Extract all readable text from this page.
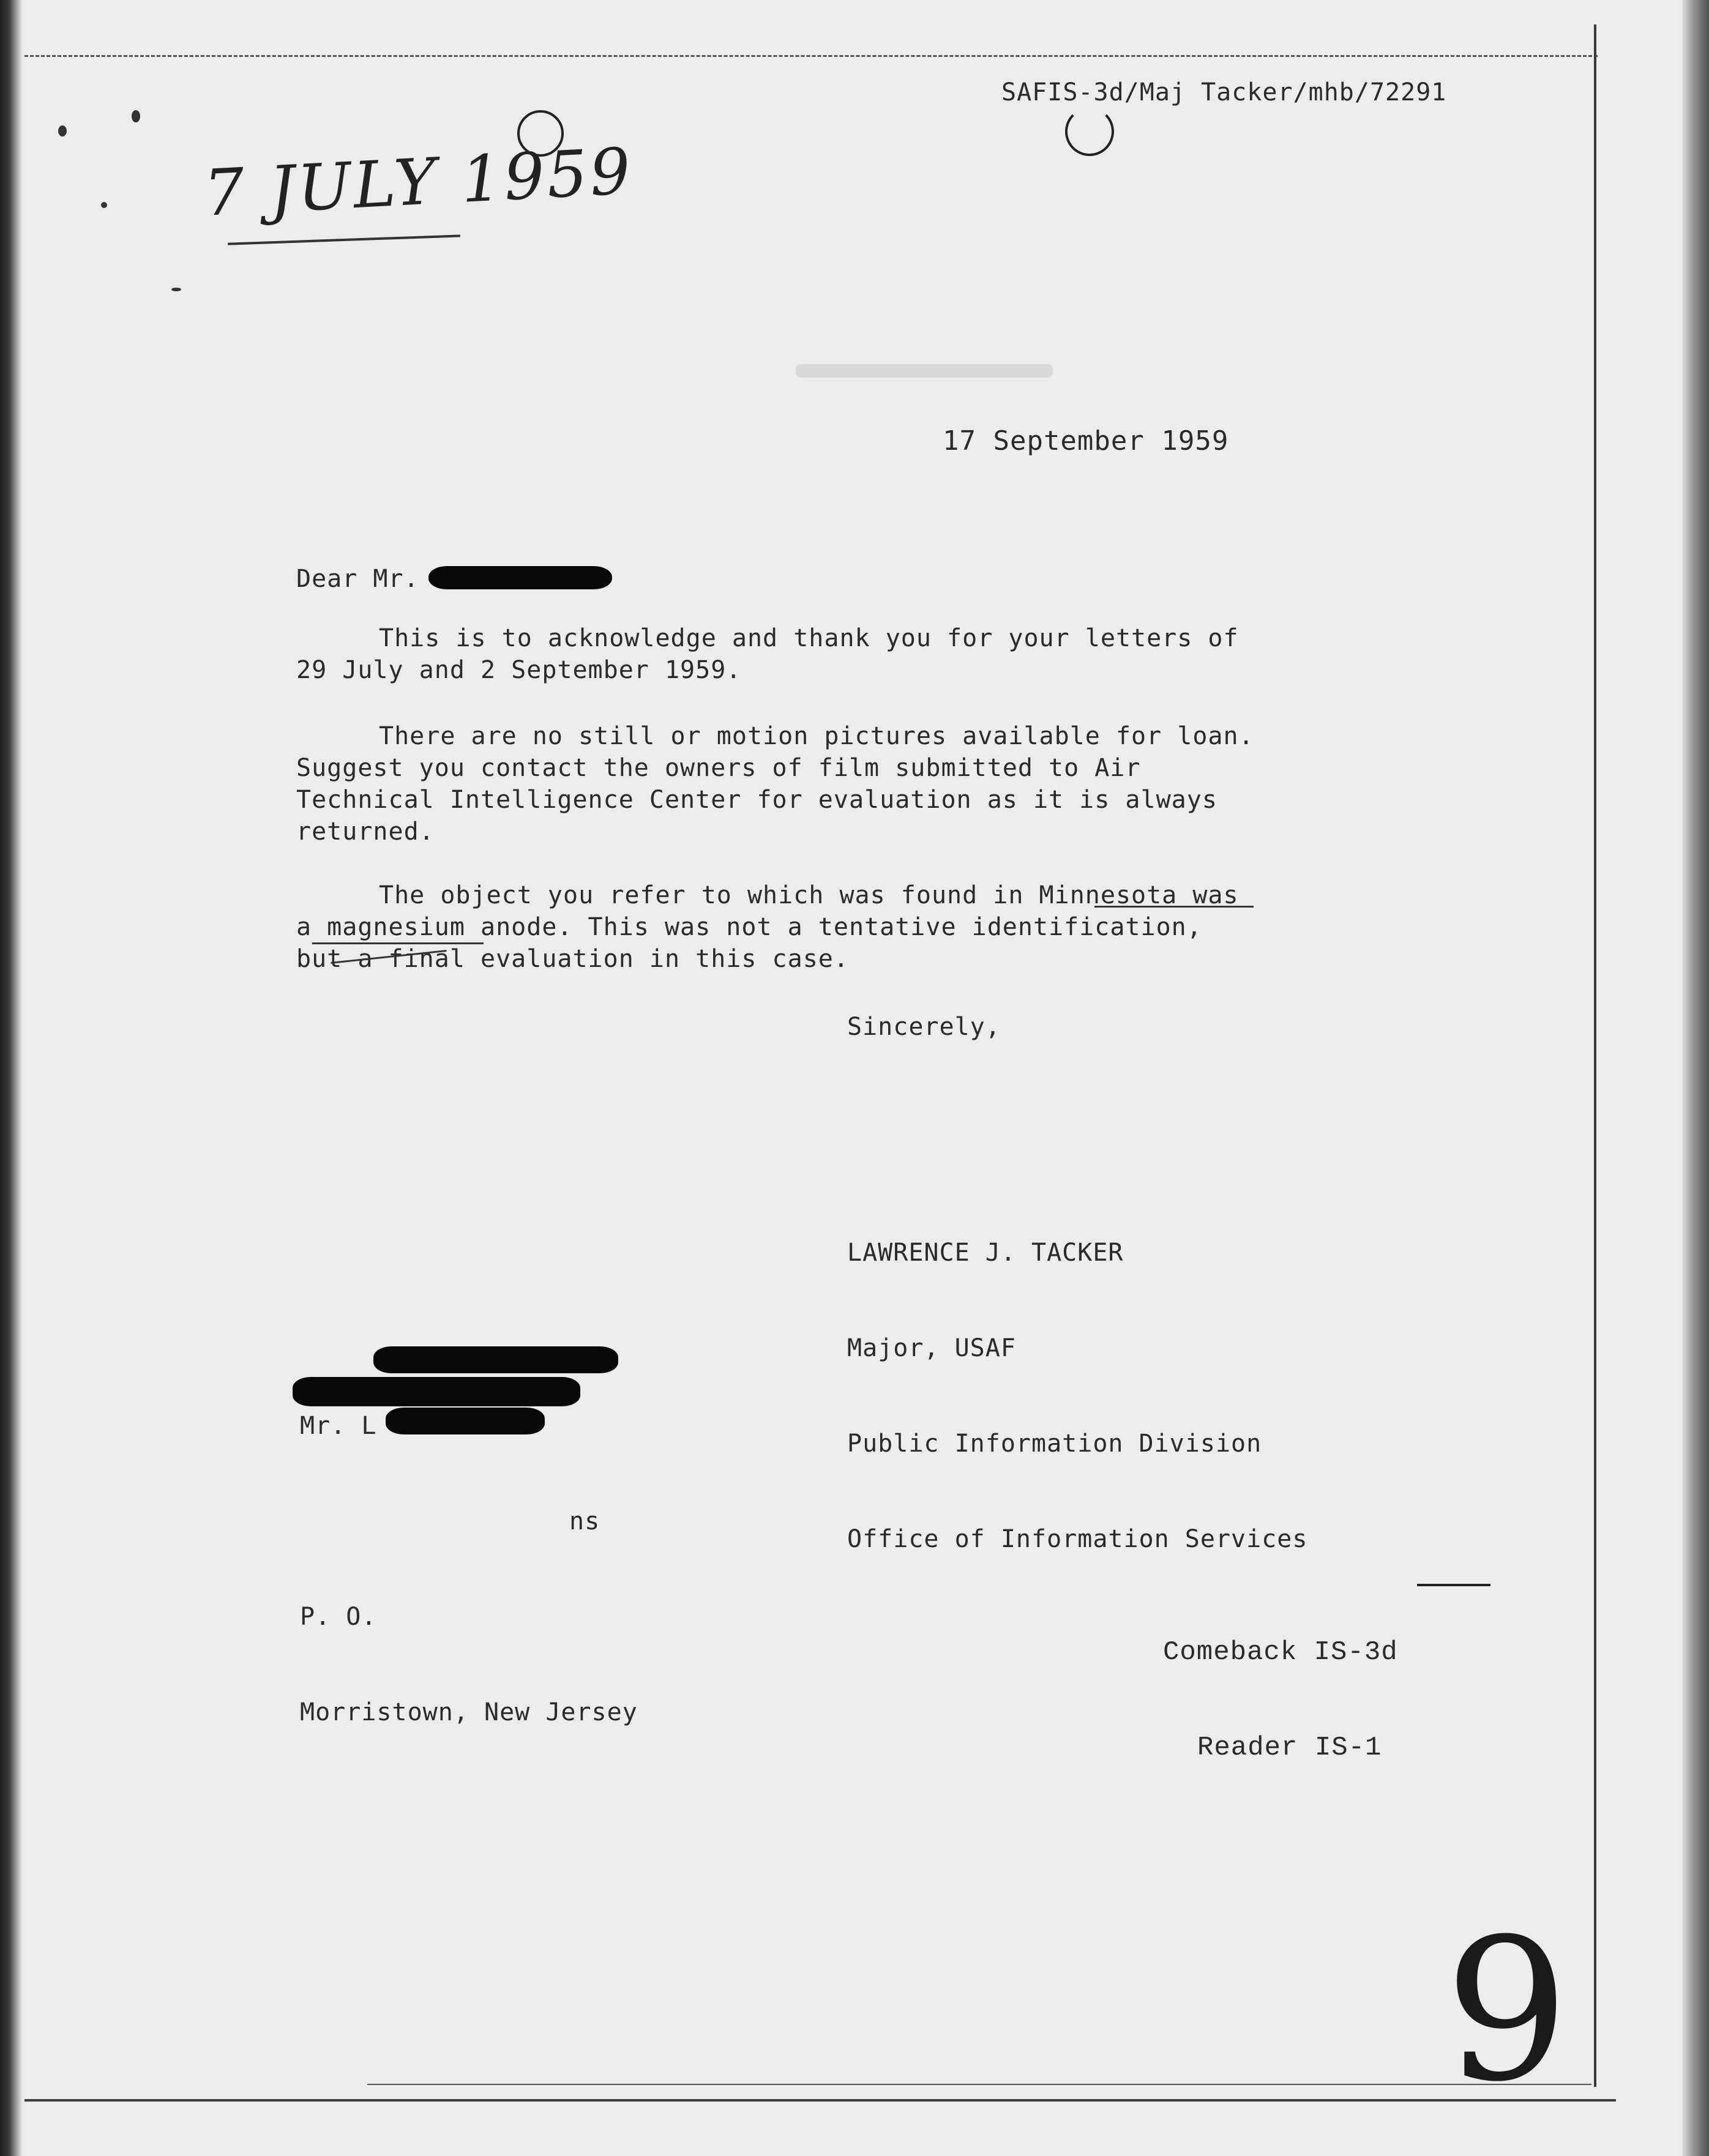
SAFIS-3d/Maj Tacker/mhb/72291
7 JULY 1959
17 September 1959
Dear Mr.
This is to acknowledge and thank you for your letters of
29 July and 2 September 1959.
There are no still or motion pictures available for loan.
Suggest you contact the owners of film submitted to Air
Technical Intelligence Center for evaluation as it is always
returned.
The object you refer to which was found in Minnesota was
a magnesium anode. This was not a tentative identification,
but a final evaluation in this case.
Sincerely,

LAWRENCE J. TACKER

Major, USAF

Public Information Division

Office of Information Services

Mr. L

ns

P. O.

Morristown, New Jersey

Comeback IS-3d

Reader IS-1

9
